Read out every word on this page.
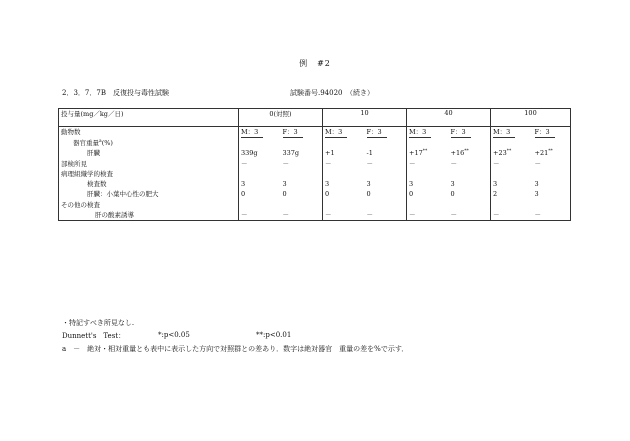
例　#2
2．3．7．7B　反復投与毒性試験	試験番号.94020　（続き）
投与量(mg／kg／日)	0(対照)		10		40		100	
動物数	M：3	F：3	M：3	F：3	M：3	F：3	M：3	F：3
器官重量$^a$(%)								
肝臓	339g	337g	+1	-1	+17**	+16**	+23**	+21**
部検所見	－	－	－	－	－	－	－	－
病理組織学的検査								
検査数	3	3	3	3	3	3	3	3
肝臓：小葉中心性の肥大	0	0	0	0	0	0	2	3
その他の検査								
肝の酸素誘導	－	－	－	－	－	－	－	－
・特記すべき所見なし.
Dunnett's　Test：	*:p<0.05	**:p<0.01
a　－　絶対・相対重量とも表中に表示した方向で対照群との差あり．数字は絶対器官　重量の差を%で示す．
